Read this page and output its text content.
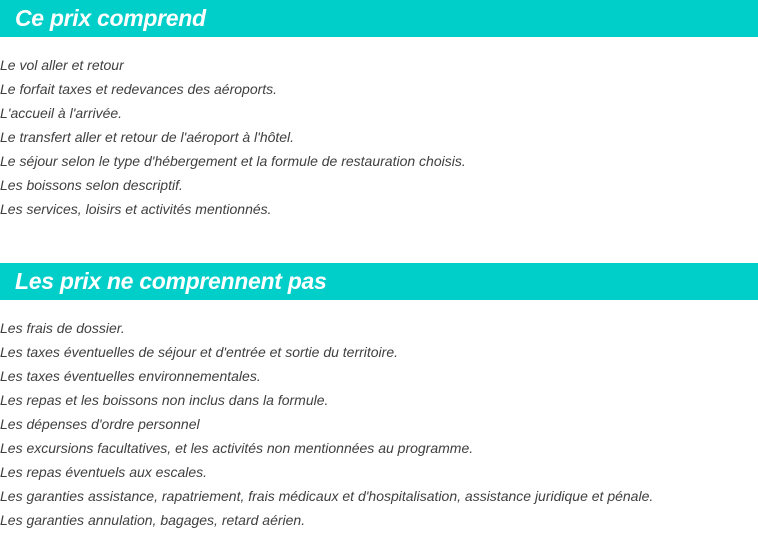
Ce prix comprend
Le vol aller et retour
Le forfait taxes et redevances des aéroports.
L'accueil à l'arrivée.
Le transfert aller et retour de l'aéroport à l'hôtel.
Le séjour selon le type d'hébergement et la formule de restauration choisis.
Les boissons selon descriptif.
Les services, loisirs et activités mentionnés.
Les prix ne comprennent pas
Les frais de dossier.
Les taxes éventuelles de séjour et d'entrée et sortie du territoire.
Les taxes éventuelles environnementales.
Les repas et les boissons non inclus dans la formule.
Les dépenses d'ordre personnel
Les excursions facultatives, et les activités non mentionnées au programme.
Les repas éventuels aux escales.
Les garanties assistance, rapatriement, frais médicaux et d'hospitalisation, assistance juridique et pénale.
Les garanties annulation, bagages, retard aérien.
